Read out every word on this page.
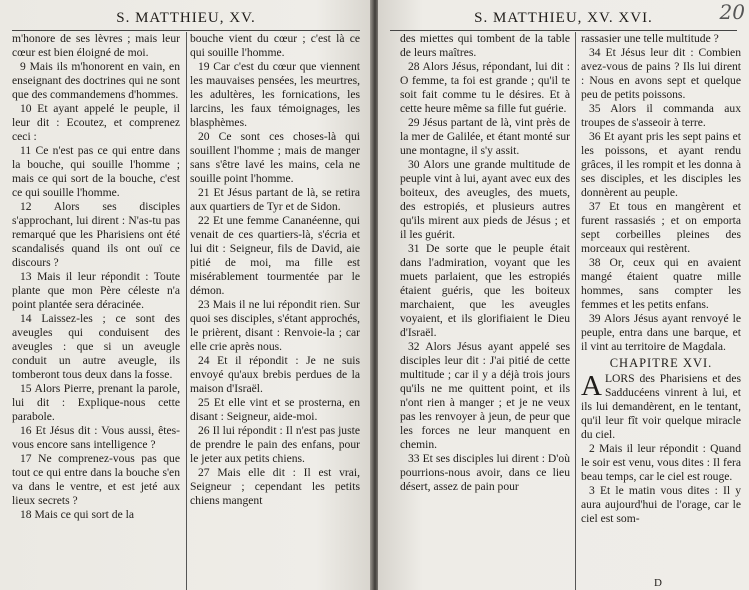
S. MATTHIEU, XV.

m'honore de ses lèvres ; mais leur cœur est bien éloigné de moi.

9 Mais ils m'honorent en vain, en enseignant des doctrines qui ne sont que des commandemens d'hommes.

10 Et ayant appelé le peuple, il leur dit : Ecoutez, et comprenez ceci :

11 Ce n'est pas ce qui entre dans la bouche, qui souille l'homme ; mais ce qui sort de la bouche, c'est ce qui souille l'homme.

12 Alors ses disciples s'approchant, lui dirent : N'as-tu pas remarqué que les Pharisiens ont été scandalisés quand ils ont ouï ce discours ?

13 Mais il leur répondit : Toute plante que mon Père céleste n'a point plantée sera déracinée.

14 Laissez-les ; ce sont des aveugles qui conduisent des aveugles : que si un aveugle conduit un autre aveugle, ils tomberont tous deux dans la fosse.

15 Alors Pierre, prenant la parole, lui dit : Explique-nous cette parabole.

16 Et Jésus dit : Vous aussi, êtes-vous encore sans intelligence ?

17 Ne comprenez-vous pas que tout ce qui entre dans la bouche s'en va dans le ventre, et est jeté aux lieux secrets ?

18 Mais ce qui sort de la

bouche vient du cœur ; c'est là ce qui souille l'homme.

19 Car c'est du cœur que viennent les mauvaises pensées, les meurtres, les adultères, les fornications, les larcins, les faux témoignages, les blasphèmes.

20 Ce sont ces choses-là qui souillent l'homme ; mais de manger sans s'être lavé les mains, cela ne souille point l'homme.

21 Et Jésus partant de là, se retira aux quartiers de Tyr et de Sidon.

22 Et une femme Cananéenne, qui venait de ces quartiers-là, s'écria et lui dit : Seigneur, fils de David, aie pitié de moi, ma fille est misérablement tourmentée par le démon.

23 Mais il ne lui répondit rien. Sur quoi ses disciples, s'étant approchés, le prièrent, disant : Renvoie-la ; car elle crie après nous.

24 Et il répondit : Je ne suis envoyé qu'aux brebis perdues de la maison d'Israël.

25 Et elle vint et se prosterna, en disant : Seigneur, aide-moi.

26 Il lui répondit : Il n'est pas juste de prendre le pain des enfans, pour le jeter aux petits chiens.

27 Mais elle dit : Il est vrai, Seigneur ; cependant les petits chiens mangent

S. MATTHIEU, XV. XVI.	20

des miettes qui tombent de la table de leurs maîtres.

28 Alors Jésus, répondant, lui dit : O femme, ta foi est grande ; qu'il te soit fait comme tu le désires. Et à cette heure même sa fille fut guérie.

29 Jésus partant de là, vint près de la mer de Galilée, et étant monté sur une montagne, il s'y assit.

30 Alors une grande multitude de peuple vint à lui, ayant avec eux des boiteux, des aveugles, des muets, des estropiés, et plusieurs autres qu'ils mirent aux pieds de Jésus ; et il les guérit.

31 De sorte que le peuple était dans l'admiration, voyant que les muets parlaient, que les estropiés étaient guéris, que les boiteux marchaient, que les aveugles voyaient, et ils glorifiaient le Dieu d'Israël.

32 Alors Jésus ayant appelé ses disciples leur dit : J'ai pitié de cette multitude ; car il y a déjà trois jours qu'ils ne me quittent point, et ils n'ont rien à manger ; et je ne veux pas les renvoyer à jeun, de peur que les forces ne leur manquent en chemin.

33 Et ses disciples lui dirent : D'où pourrions-nous avoir, dans ce lieu désert, assez de pain pour

rassasier une telle multitude ?

34 Et Jésus leur dit : Combien avez-vous de pains ? Ils lui dirent : Nous en avons sept et quelque peu de petits poissons.

35 Alors il commanda aux troupes de s'asseoir à terre.

36 Et ayant pris les sept pains et les poissons, et ayant rendu grâces, il les rompit et les donna à ses disciples, et les disciples les donnèrent au peuple.

37 Et tous en mangèrent et furent rassasiés ; et on emporta sept corbeilles pleines des morceaux qui restèrent.

38 Or, ceux qui en avaient mangé étaient quatre mille hommes, sans compter les femmes et les petits enfans.

39 Alors Jésus ayant renvoyé le peuple, entra dans une barque, et il vint au territoire de Magdala.

CHAPITRE XVI.

ALORS des Pharisiens et des Sadducéens vinrent à lui, et ils lui demandèrent, en le tentant, qu'il leur fît voir quelque miracle du ciel.

2 Mais il leur répondit : Quand le soir est venu, vous dites : Il fera beau temps, car le ciel est rouge.

3 Et le matin vous dites : Il y aura aujourd'hui de l'orage, car le ciel est som-

D
